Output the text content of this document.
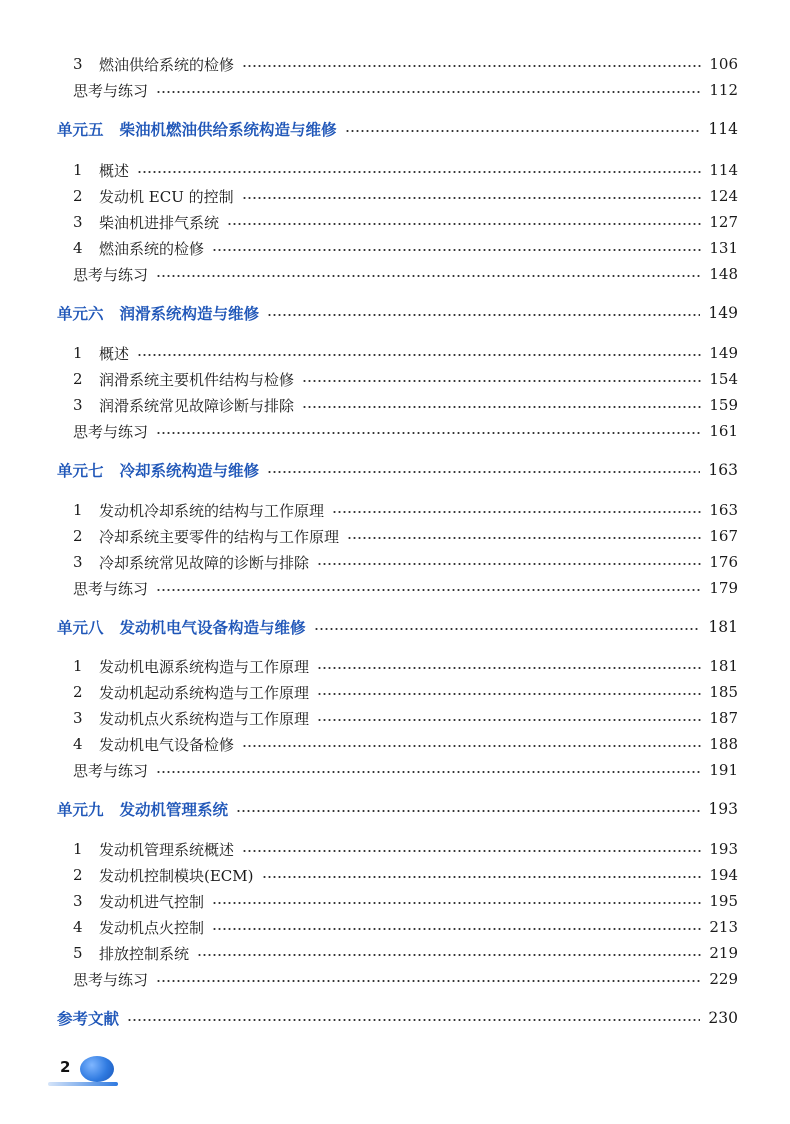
3	燃油供给系统的检修	106
思考与练习	112
单元五 柴油机燃油供给系统构造与维修	114
1	概述	114
2	发动机 ECU 的控制	124
3	柴油机进排气系统	127
4	燃油系统的检修	131
思考与练习	148
单元六 润滑系统构造与维修	149
1	概述	149
2	润滑系统主要机件结构与检修	154
3	润滑系统常见故障诊断与排除	159
思考与练习	161
单元七 冷却系统构造与维修	163
1	发动机冷却系统的结构与工作原理	163
2	冷却系统主要零件的结构与工作原理	167
3	冷却系统常见故障的诊断与排除	176
思考与练习	179
单元八 发动机电气设备构造与维修	181
1	发动机电源系统构造与工作原理	181
2	发动机起动系统构造与工作原理	185
3	发动机点火系统构造与工作原理	187
4	发动机电气设备检修	188
思考与练习	191
单元九 发动机管理系统	193
1	发动机管理系统概述	193
2	发动机控制模块(ECM)	194
3	发动机进气控制	195
4	发动机点火控制	213
5	排放控制系统	219
思考与练习	229
参考文献	230
2
